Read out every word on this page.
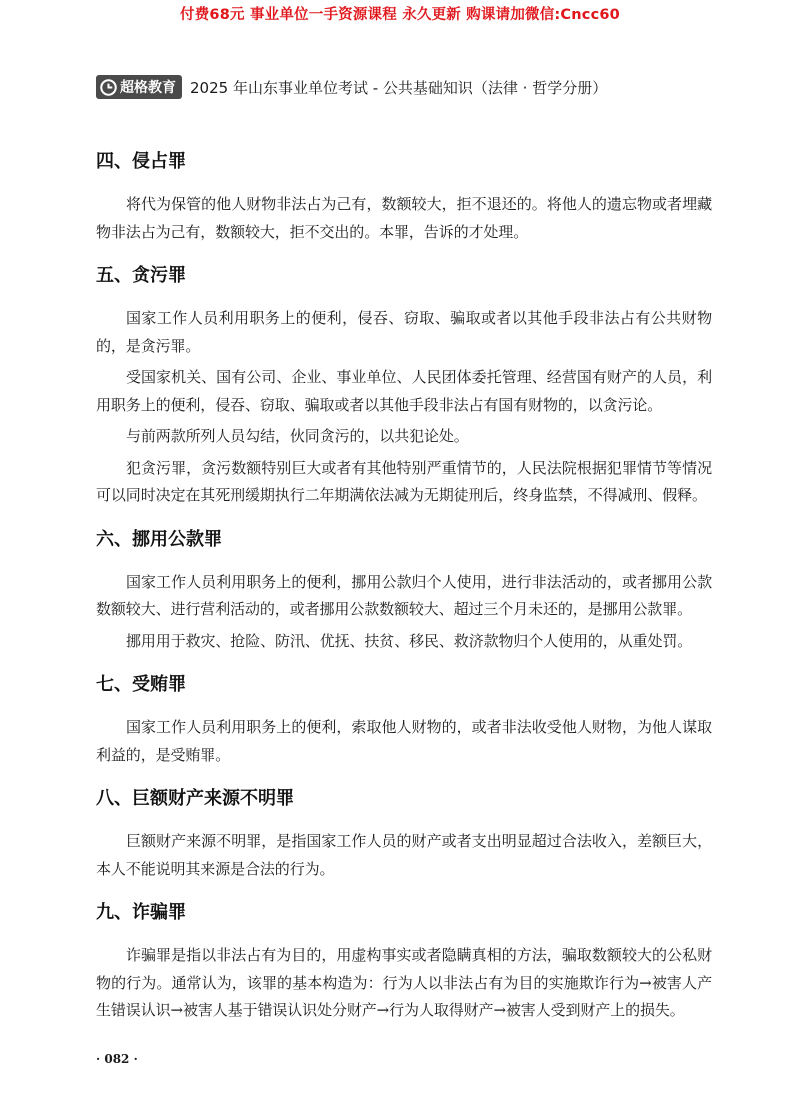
付费68元 事业单位一手资源课程 永久更新 购课请加微信:Cncc60
超格教育 2025 年山东事业单位考试 - 公共基础知识（法律 · 哲学分册）
四、侵占罪

将代为保管的他人财物非法占为己有，数额较大，拒不退还的。将他人的遗忘物或者埋藏物非法占为己有，数额较大，拒不交出的。本罪，告诉的才处理。

五、贪污罪

国家工作人员利用职务上的便利，侵吞、窃取、骗取或者以其他手段非法占有公共财物的，是贪污罪。

受国家机关、国有公司、企业、事业单位、人民团体委托管理、经营国有财产的人员，利用职务上的便利，侵吞、窃取、骗取或者以其他手段非法占有国有财物的，以贪污论。

与前两款所列人员勾结，伙同贪污的，以共犯论处。

犯贪污罪，贪污数额特别巨大或者有其他特别严重情节的，人民法院根据犯罪情节等情况可以同时决定在其死刑缓期执行二年期满依法减为无期徒刑后，终身监禁，不得减刑、假释。

六、挪用公款罪

国家工作人员利用职务上的便利，挪用公款归个人使用，进行非法活动的，或者挪用公款数额较大、进行营利活动的，或者挪用公款数额较大、超过三个月未还的，是挪用公款罪。

挪用用于救灾、抢险、防汛、优抚、扶贫、移民、救济款物归个人使用的，从重处罚。

七、受贿罪

国家工作人员利用职务上的便利，索取他人财物的，或者非法收受他人财物，为他人谋取利益的，是受贿罪。

八、巨额财产来源不明罪

巨额财产来源不明罪，是指国家工作人员的财产或者支出明显超过合法收入，差额巨大，本人不能说明其来源是合法的行为。

九、诈骗罪

诈骗罪是指以非法占有为目的，用虚构事实或者隐瞒真相的方法，骗取数额较大的公私财物的行为。通常认为，该罪的基本构造为：行为人以非法占有为目的实施欺诈行为→被害人产生错误认识→被害人基于错误认识处分财产→行为人取得财产→被害人受到财产上的损失。

· 082 ·
